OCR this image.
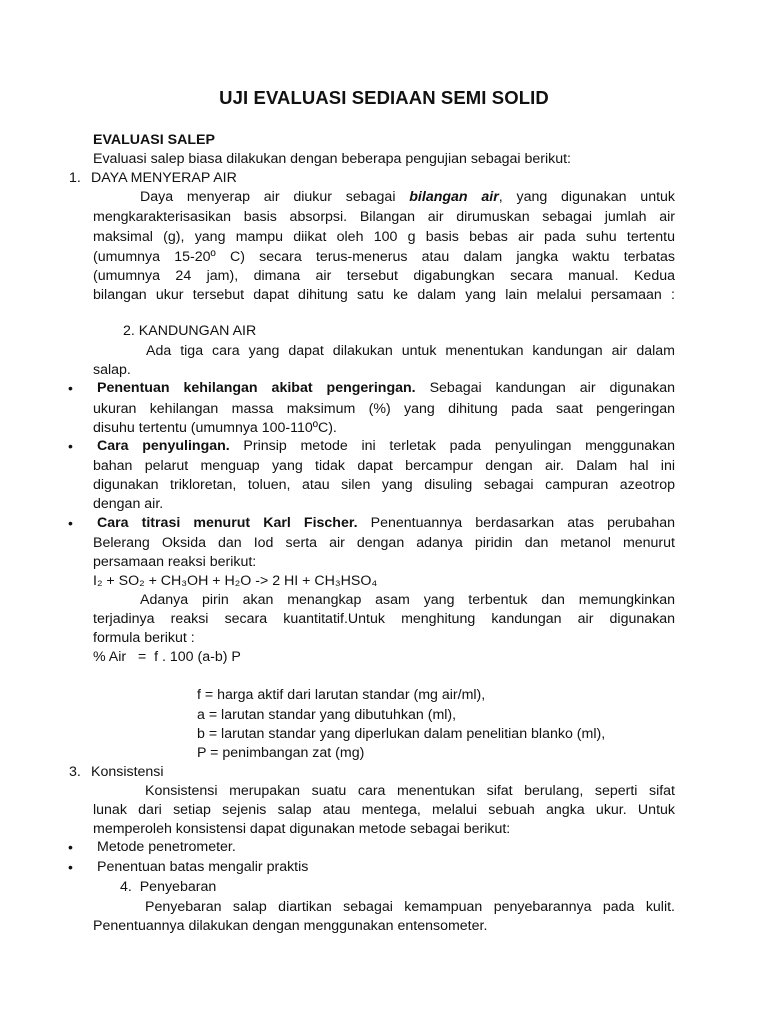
UJI EVALUASI SEDIAAN SEMI SOLID
EVALUASI SALEP
Evaluasi salep biasa dilakukan dengan beberapa pengujian sebagai berikut:
1. DAYA MENYERAP AIR
Daya menyerap air diukur sebagai bilangan air, yang digunakan untuk
mengkarakterisasikan basis absorpsi. Bilangan air dirumuskan sebagai jumlah air
maksimal (g), yang mampu diikat oleh 100 g basis bebas air pada suhu tertentu
(umumnya 15-20º C) secara terus-menerus atau dalam jangka waktu terbatas
(umumnya 24 jam), dimana air tersebut digabungkan secara manual. Kedua
bilangan ukur tersebut dapat dihitung satu ke dalam yang lain melalui persamaan :
2. KANDUNGAN AIR
Ada tiga cara yang dapat dilakukan untuk menentukan kandungan air dalam
salap.
• Penentuan kehilangan akibat pengeringan. Sebagai kandungan air digunakan
ukuran kehilangan massa maksimum (%) yang dihitung pada saat pengeringan
disuhu tertentu (umumnya 100-110ºC).
• Cara penyulingan. Prinsip metode ini terletak pada penyulingan menggunakan
bahan pelarut menguap yang tidak dapat bercampur dengan air. Dalam hal ini
digunakan trikloretan, toluen, atau silen yang disuling sebagai campuran azeotrop
dengan air.
• Cara titrasi menurut Karl Fischer. Penentuannya berdasarkan atas perubahan
Belerang Oksida dan Iod serta air dengan adanya piridin dan metanol menurut
persamaan reaksi berikut:
I₂ + SO₂ + CH₃OH + H₂O -> 2 HI + CH₃HSO₄
Adanya pirin akan menangkap asam yang terbentuk dan memungkinkan
terjadinya reaksi secara kuantitatif.Untuk menghitung kandungan air digunakan
formula berikut :
% Air   =  f . 100 (a-b) P
f = harga aktif dari larutan standar (mg air/ml),
a = larutan standar yang dibutuhkan (ml),
b = larutan standar yang diperlukan dalam penelitian blanko (ml),
P = penimbangan zat (mg)
3. Konsistensi
Konsistensi merupakan suatu cara menentukan sifat berulang, seperti sifat
lunak dari setiap sejenis salap atau mentega, melalui sebuah angka ukur. Untuk
memperoleh konsistensi dapat digunakan metode sebagai berikut:
• Metode penetrometer.
• Penentuan batas mengalir praktis
4.  Penyebaran
Penyebaran salap diartikan sebagai kemampuan penyebarannya pada kulit.
Penentuannya dilakukan dengan menggunakan entensometer.
